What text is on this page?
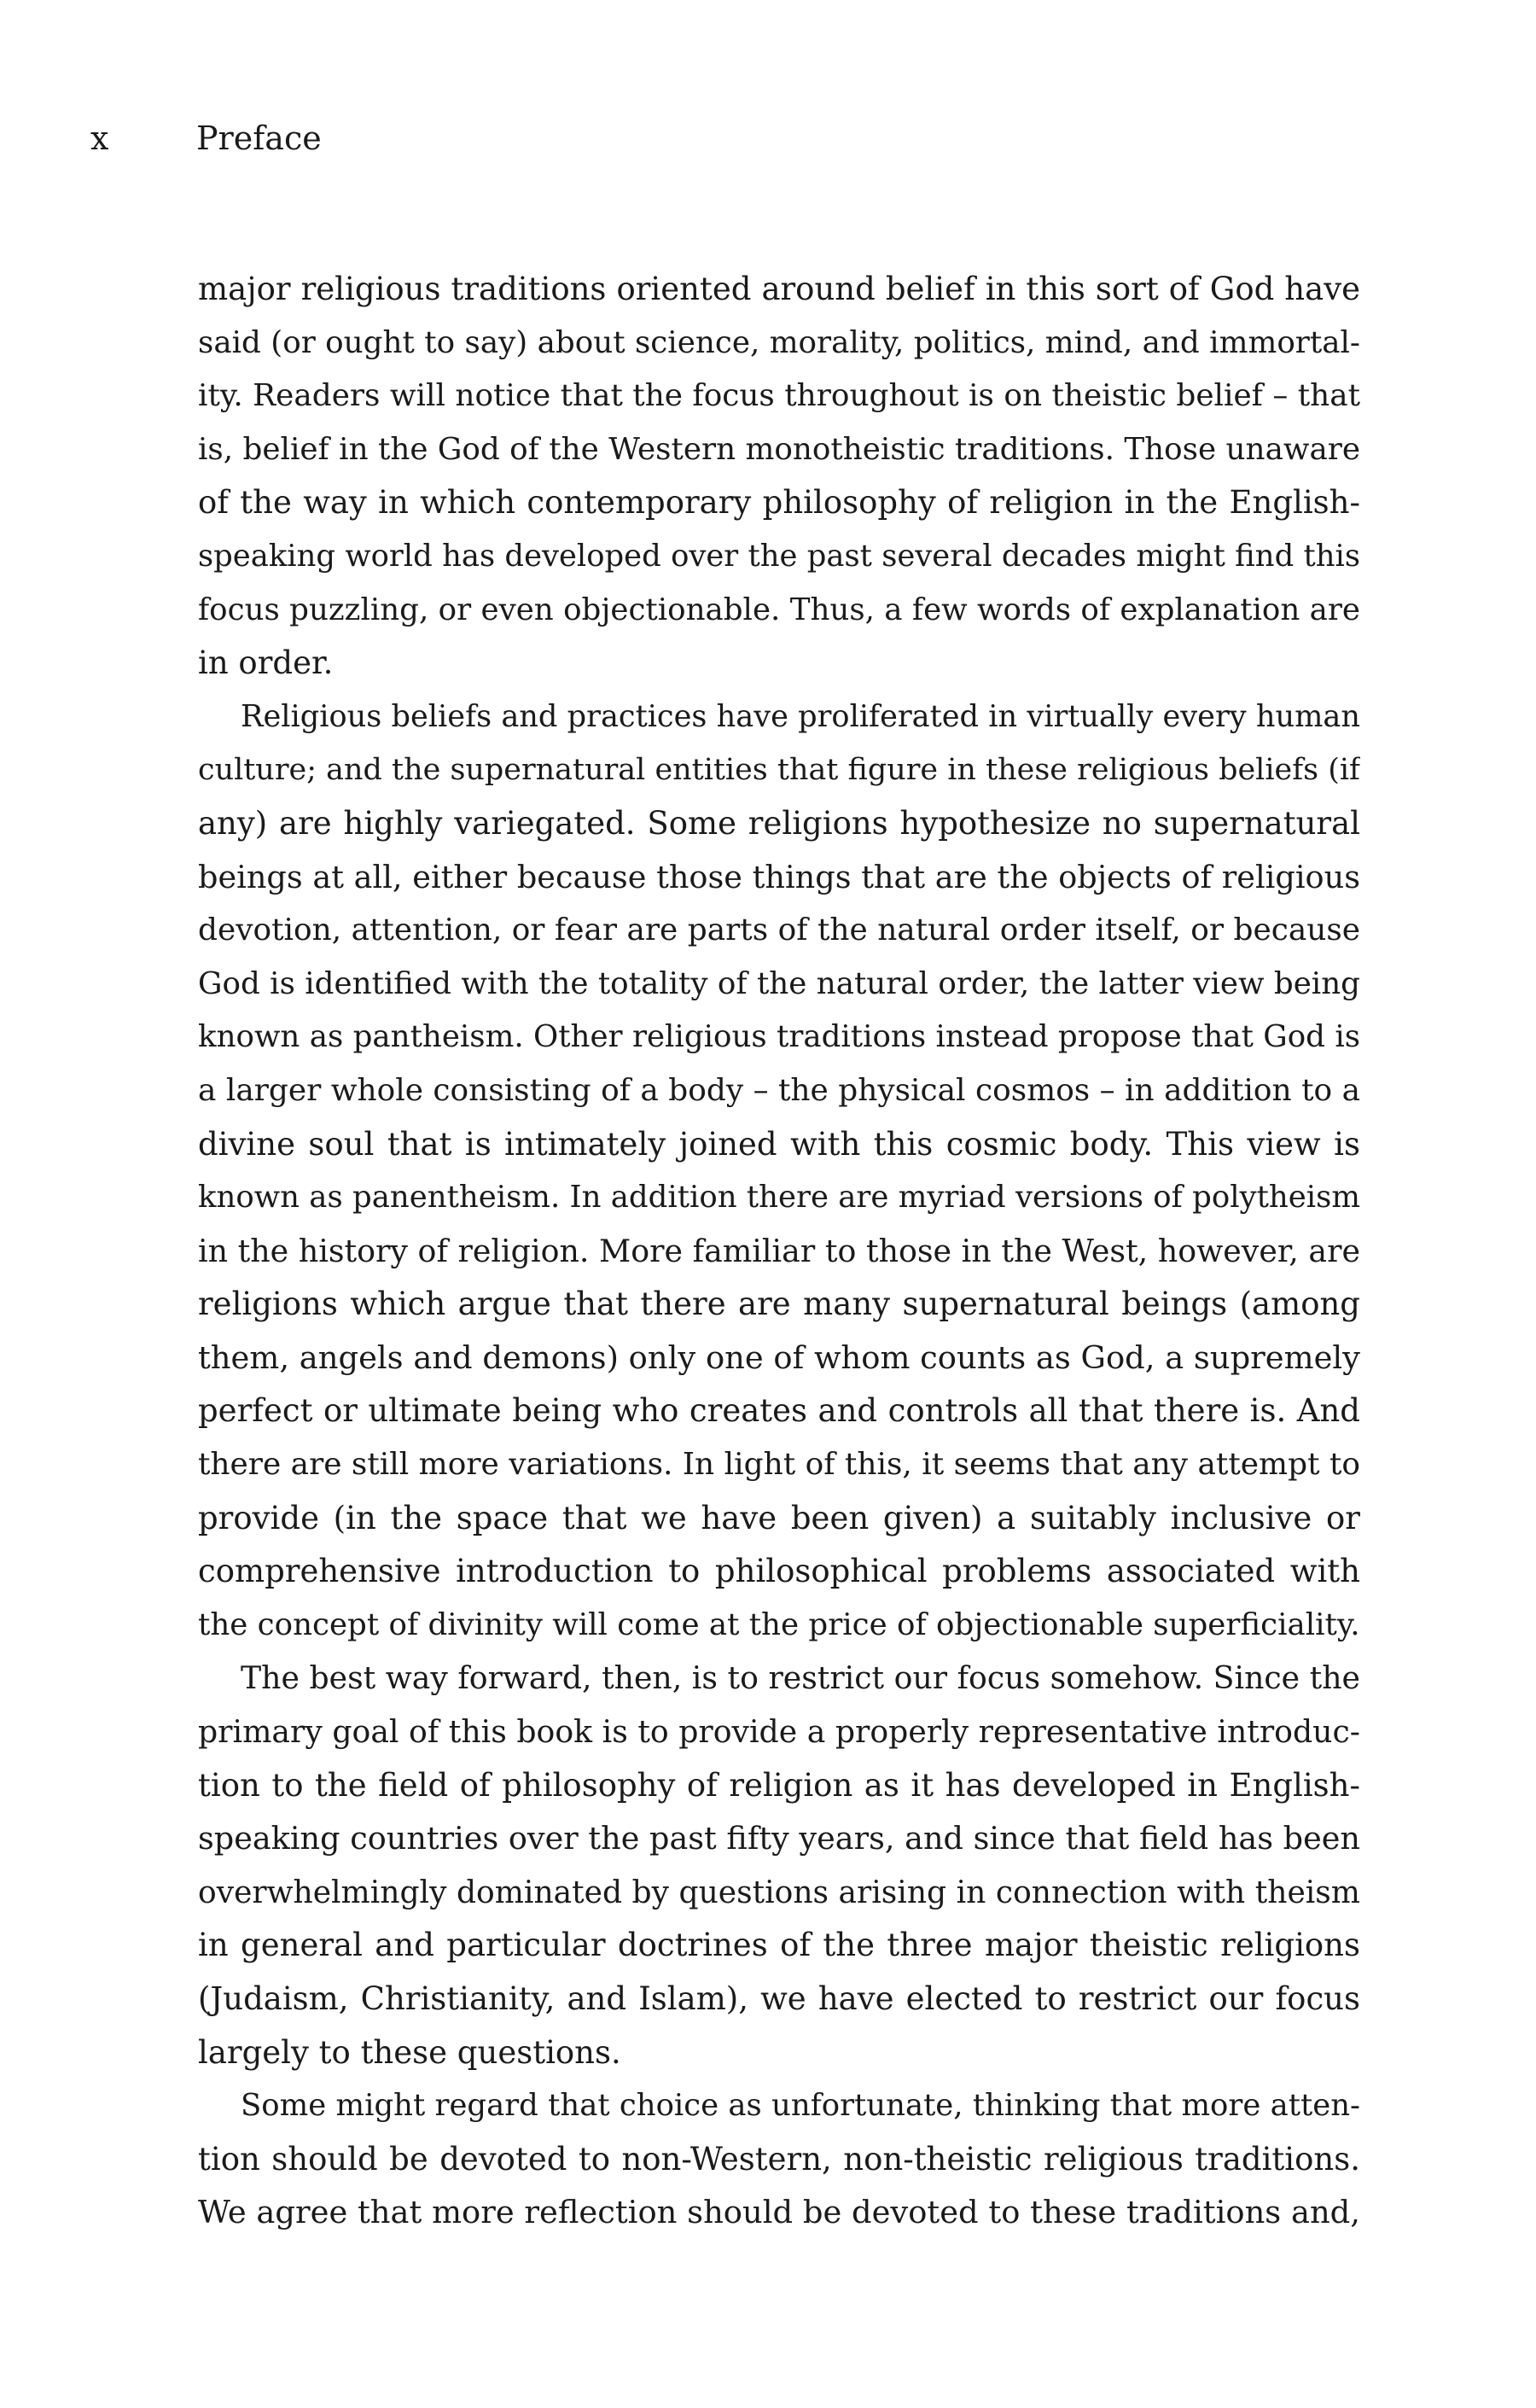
x	Preface
major religious traditions oriented around belief in this sort of God have
said (or ought to say) about science, morality, politics, mind, and immortal-
ity. Readers will notice that the focus throughout is on theistic belief – that
is, belief in the God of the Western monotheistic traditions. Those unaware
of the way in which contemporary philosophy of religion in the English-
speaking world has developed over the past several decades might find this
focus puzzling, or even objectionable. Thus, a few words of explanation are
in order.
Religious beliefs and practices have proliferated in virtually every human
culture; and the supernatural entities that figure in these religious beliefs (if
any) are highly variegated. Some religions hypothesize no supernatural
beings at all, either because those things that are the objects of religious
devotion, attention, or fear are parts of the natural order itself, or because
God is identified with the totality of the natural order, the latter view being
known as pantheism. Other religious traditions instead propose that God is
a larger whole consisting of a body – the physical cosmos – in addition to a
divine soul that is intimately joined with this cosmic body. This view is
known as panentheism. In addition there are myriad versions of polytheism
in the history of religion. More familiar to those in the West, however, are
religions which argue that there are many supernatural beings (among
them, angels and demons) only one of whom counts as God, a supremely
perfect or ultimate being who creates and controls all that there is. And
there are still more variations. In light of this, it seems that any attempt to
provide (in the space that we have been given) a suitably inclusive or
comprehensive introduction to philosophical problems associated with
the concept of divinity will come at the price of objectionable superficiality.
The best way forward, then, is to restrict our focus somehow. Since the
primary goal of this book is to provide a properly representative introduc-
tion to the field of philosophy of religion as it has developed in English-
speaking countries over the past fifty years, and since that field has been
overwhelmingly dominated by questions arising in connection with theism
in general and particular doctrines of the three major theistic religions
(Judaism, Christianity, and Islam), we have elected to restrict our focus
largely to these questions.
Some might regard that choice as unfortunate, thinking that more atten-
tion should be devoted to non-Western, non-theistic religious traditions.
We agree that more reflection should be devoted to these traditions and,
